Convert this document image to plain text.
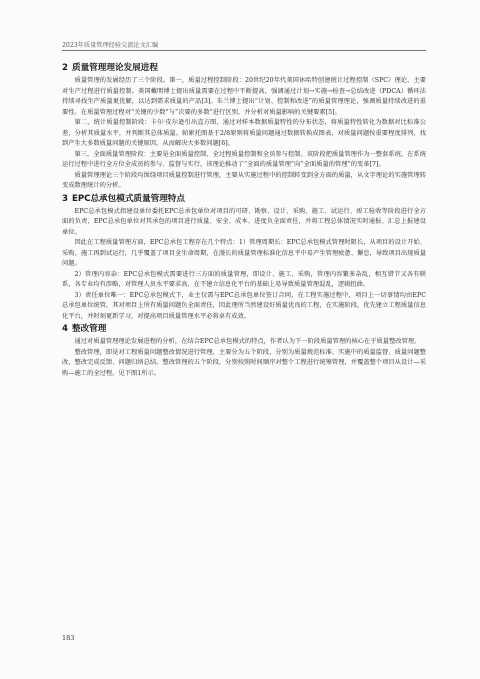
2023年质量管理经验交流论文汇编
2 质量管理理论发展进程

质量管理的发展经历了三个阶段。第一，质量过程控制阶段：20世纪20年代美国休哈特创建统计过程控制（SPC）理论，主要对生产过程进行质量控制。美国戴明博士提出质量需要在过程中不断提高，强调通过计划→实施→检查→总结改进（PDCA）循环法持续寻找生产质量更优解，以达到需求质量的产品[3]。朱兰博士提出“计划、控制和改进”的质量管理理论，强调质量持续改进的重要性。在质量管理过程对“关键的少数”与“次要的多数”进行区别，并分析对质量影响的关键要素[5]。

第二，统计质量控制阶段：卡尔·皮尔逊引出直方图，通过对样本数据质量特性的分布状态，将质量特性转化为数据对比标准公差，分析其质量水平，并判断其总体质量。帕累托图基于2/8原则将质量问题通过数据转换成图表，对质量问题按重要程度排列，找到产生大多数质量问题的关键原因，从而解决大多数问题[6]。

第三，全面质量管理阶段：主要是全面质量控制、全过程质量控制和全员参与控制。该阶段把质量管理作为一整套系统，在系统运行过程中进行全方位全成员的参与、监督与实行，该理论推动了“全面的质量管理”向“全面质量的管理”的变革[7]。

质量管理理论三个阶段均围绕项目质量控制进行管理，主要从实施过程中的控制转变到全方面的质量，从文字理论的实施管理转变成数理统计的分析。

3 EPC总承包模式质量管理特点

EPC总承包模式指建设单位委托EPC总承包单位对项目的可研、勘察、设计、采购、施工、试运行、竣工验收等阶段进行全方面的负责，EPC总承包单位对其承包的项目进行质量、安全、成本、进度负全面责任，并将工程总体情况实时通报、汇总上报建设单位。

因此在工程质量管理方面，EPC总承包工程存在几个特点：1）管理周期长：EPC总承包模式管理时限长，从项目的设计开始、采购、施工再到试运行，几乎覆盖了项目全生命周期，在漫长的质量管理标准化信息平中易产生管理疲惫、懈怠，导致项目出现质量问题。

2）管理内容杂：EPC总承包模式需要进行三方面的质量管理，即设计、施工、采购，管理内容繁多杂乱，相互错节又各有联系，各专业均有涉略，对管理人员水平要求高，在不建立信息化平台的基础上易导致质量管理混乱，逻辑扭曲。

3）责任单位唯一：EPC总承包模式下，业主仅需与EPC总承包单位签订合同，在工程实施过程中，项目上一切事情均由EPC总承包单位统管，其对项目上所有质量问题负全面责任，因此理所当然建设好质量优良的工程，在实施阶段，优先建立工程质量信息化平台，并时刻更新学习，对提高项目质量管理水平必将卓有成效。

4 整改管理

通过对质量管理理论发展进程的分析，在结合EPC总承包模式的特点，作者认为下一阶段质量管理的核心在于质量整改管理。

整改管理，即是对工程质量问题整改情况进行管理，主要分为五个阶段，分别为质量规范标准、实施中的质量监督、质量问题整改、整改完成反馈、问题归纳总结。整改管理的五个阶段，分别按照时间顺序对整个工程进行统筹管理，并覆盖整个项目从设计—采购—施工的全过程。见下图1所示。

183
